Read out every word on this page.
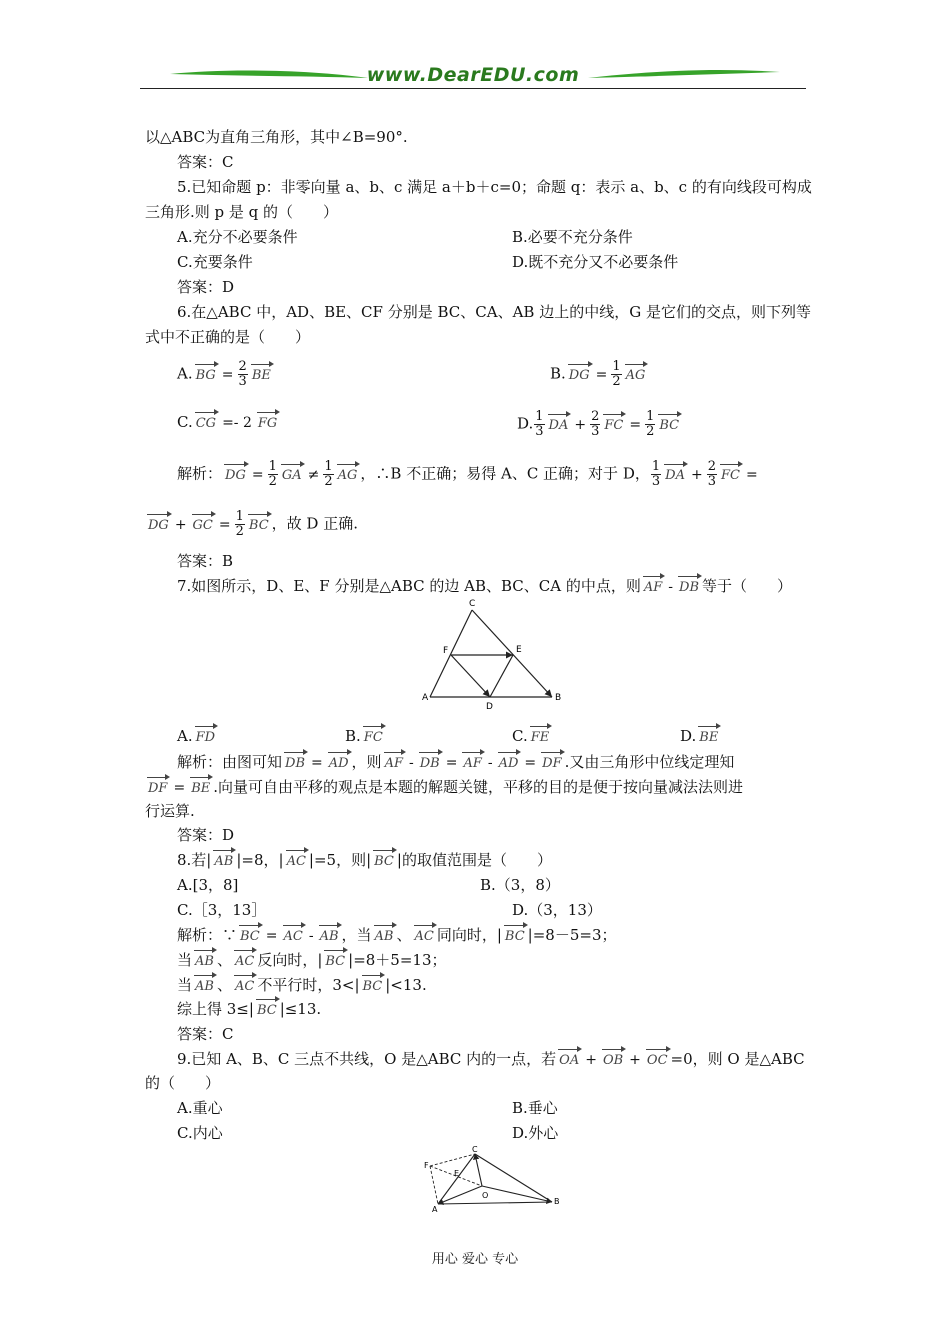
www.DearEDU.com
以△ABC为直角三角形，其中∠B=90°.
答案：C
5.已知命题 p：非零向量 a、b、c 满足 a＋b＋c=0；命题 q：表示 a、b、c 的有向线段可构成
三角形.则 p 是 q 的（　　）
A.充分不必要条件	B.必要不充分条件
C.充要条件	D.既不充分又不必要条件
答案：D
6.在△ABC 中，AD、BE、CF 分别是 BC、CA、AB 边上的中线，G 是它们的交点，则下列等
式中不正确的是（　　）
A. BG = $\frac{2}{3}$ BE	B. DG = $\frac{1}{2}$ AG
C. CG =- 2 FG	D. $\frac{1}{3}$ DA + $\frac{2}{3}$ FC = $\frac{1}{2}$ BC
解析： DG = $\frac{1}{2}$ GA ≠ $\frac{1}{2}$ AG ，∴B 不正确；易得 A、C 正确；对于 D， $\frac{1}{3}$ DA + $\frac{2}{3}$ FC =
DG + GC = $\frac{1}{2}$ BC ，故 D 正确.
答案：B
7.如图所示，D、E、F 分别是△ABC 的边 AB、BC、CA 的中点，则 AF - DB 等于（　　）
A	B
C
D
E
F
A. FD	B. FC	C. FE	D. BE
解析：由图可知 DB = AD ，则 AF - DB = AF - AD = DF .又由三角形中位线定理知
DF = BE .向量可自由平移的观点是本题的解题关键，平移的目的是便于按向量减法法则进
行运算.
答案：D
8.若| AB |=8，| AC |=5，则| BC |的取值范围是（　　）
A.[3，8]	B.（3，8）
C.［3，13］	D.（3，13）
解析：∵ BC = AC - AB ，当 AB 、 AC 同向时，| BC |=8－5=3；
当 AB 、 AC 反向时，| BC |=8＋5=13；
当 AB 、 AC 不平行时，3<| BC |<13.
综上得 3≤| BC |≤13.
答案：C
9.已知 A、B、C 三点不共线，O 是△ABC 内的一点，若 OA + OB + OC =0，则 O 是△ABC
的（　　）
A.重心	B.垂心
C.内心	D.外心
A
B
C
E
F
O
用心 爱心 专心
